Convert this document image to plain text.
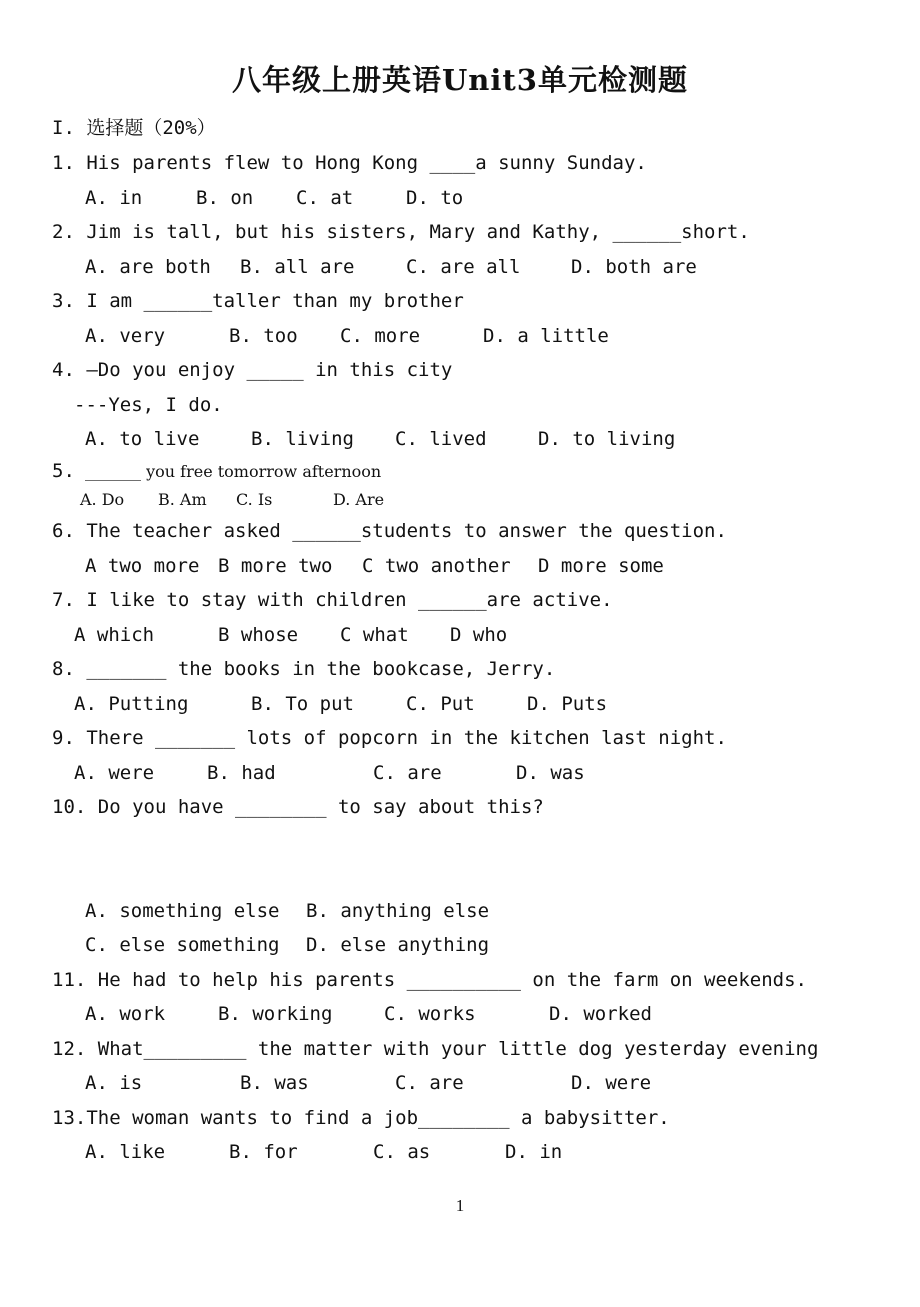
八年级上册英语Unit3单元检测题
I. 选择题（20%）
1. His parents flew to Hong Kong ____a sunny Sunday.
A. in	B. on C. at	D. to
2. Jim is tall, but his sisters, Mary and Kathy, ______short.
A. are both B. all are	C. are all	D. both are
3. I am ______taller than my brother
A. very	B. too C. more	D. a little
4. –Do you enjoy _____ in this city
---Yes, I do.
A. to live	B. living C. lived	D. to living
5. _______ you free tomorrow afternoon
A. Do B. Am C. Is	D. Are
6. The teacher asked ______students to answer the question.
A two more B more two C two another D more some
7. I like to stay with children ______are active.
A which	B whose C what D who
8. _______ the books in the bookcase, Jerry.
A. Putting	B. To put	C. Put	D. Puts
9. There _______ lots of popcorn in the kitchen last night.
A. were	B. had	C. are	D. was
10. Do you have ________ to say about this?
A. something else B. anything else
C. else something D. else anything
11. He had to help his parents __________ on the farm on weekends.
A. work	B. working	C. works	D. worked
12. What_________ the matter with your little dog yesterday evening
A. is	B. was	C. are	D. were
13.The woman wants to find a job________ a babysitter.
A. like	B. for	C. as	D. in
1
